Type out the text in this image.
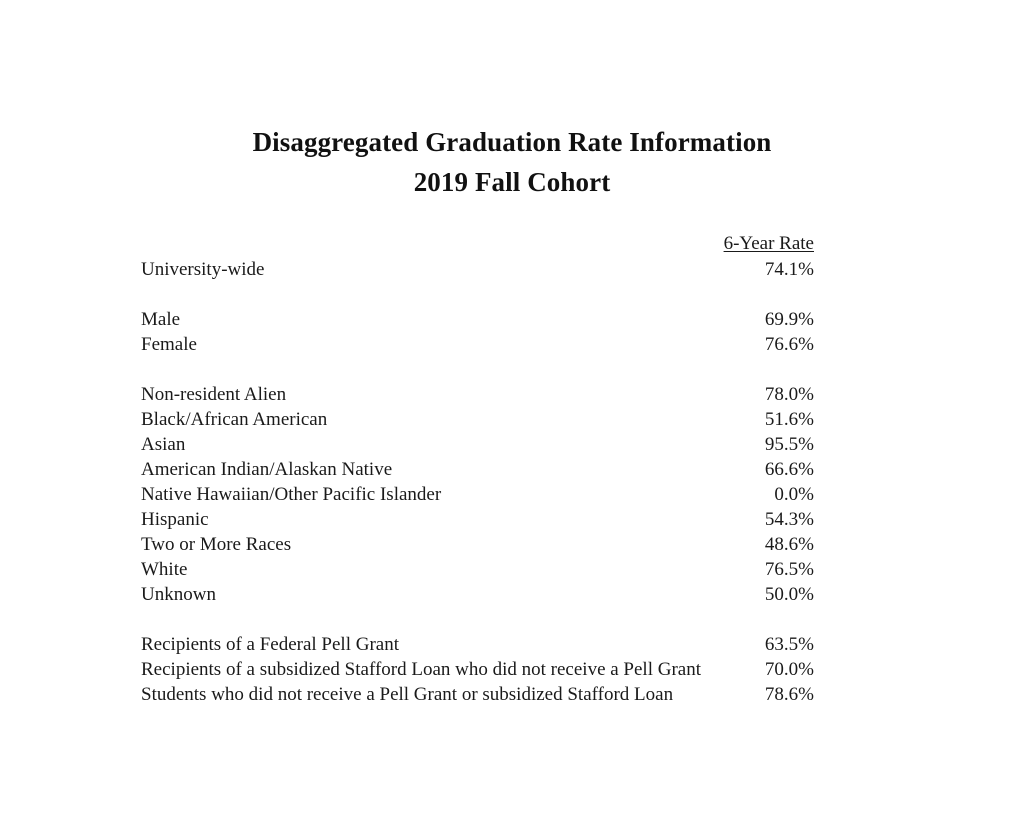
Disaggregated Graduation Rate Information
2019 Fall Cohort
6-Year Rate
University-wide	74.1%
Male	69.9%
Female	76.6%
Non-resident Alien	78.0%
Black/African American	51.6%
Asian	95.5%
American Indian/Alaskan Native	66.6%
Native Hawaiian/Other Pacific Islander	0.0%
Hispanic	54.3%
Two or More Races	48.6%
White	76.5%
Unknown	50.0%
Recipients of a Federal Pell Grant	63.5%
Recipients of a subsidized Stafford Loan who did not receive a Pell Grant	70.0%
Students who did not receive a Pell Grant or subsidized Stafford Loan	78.6%
